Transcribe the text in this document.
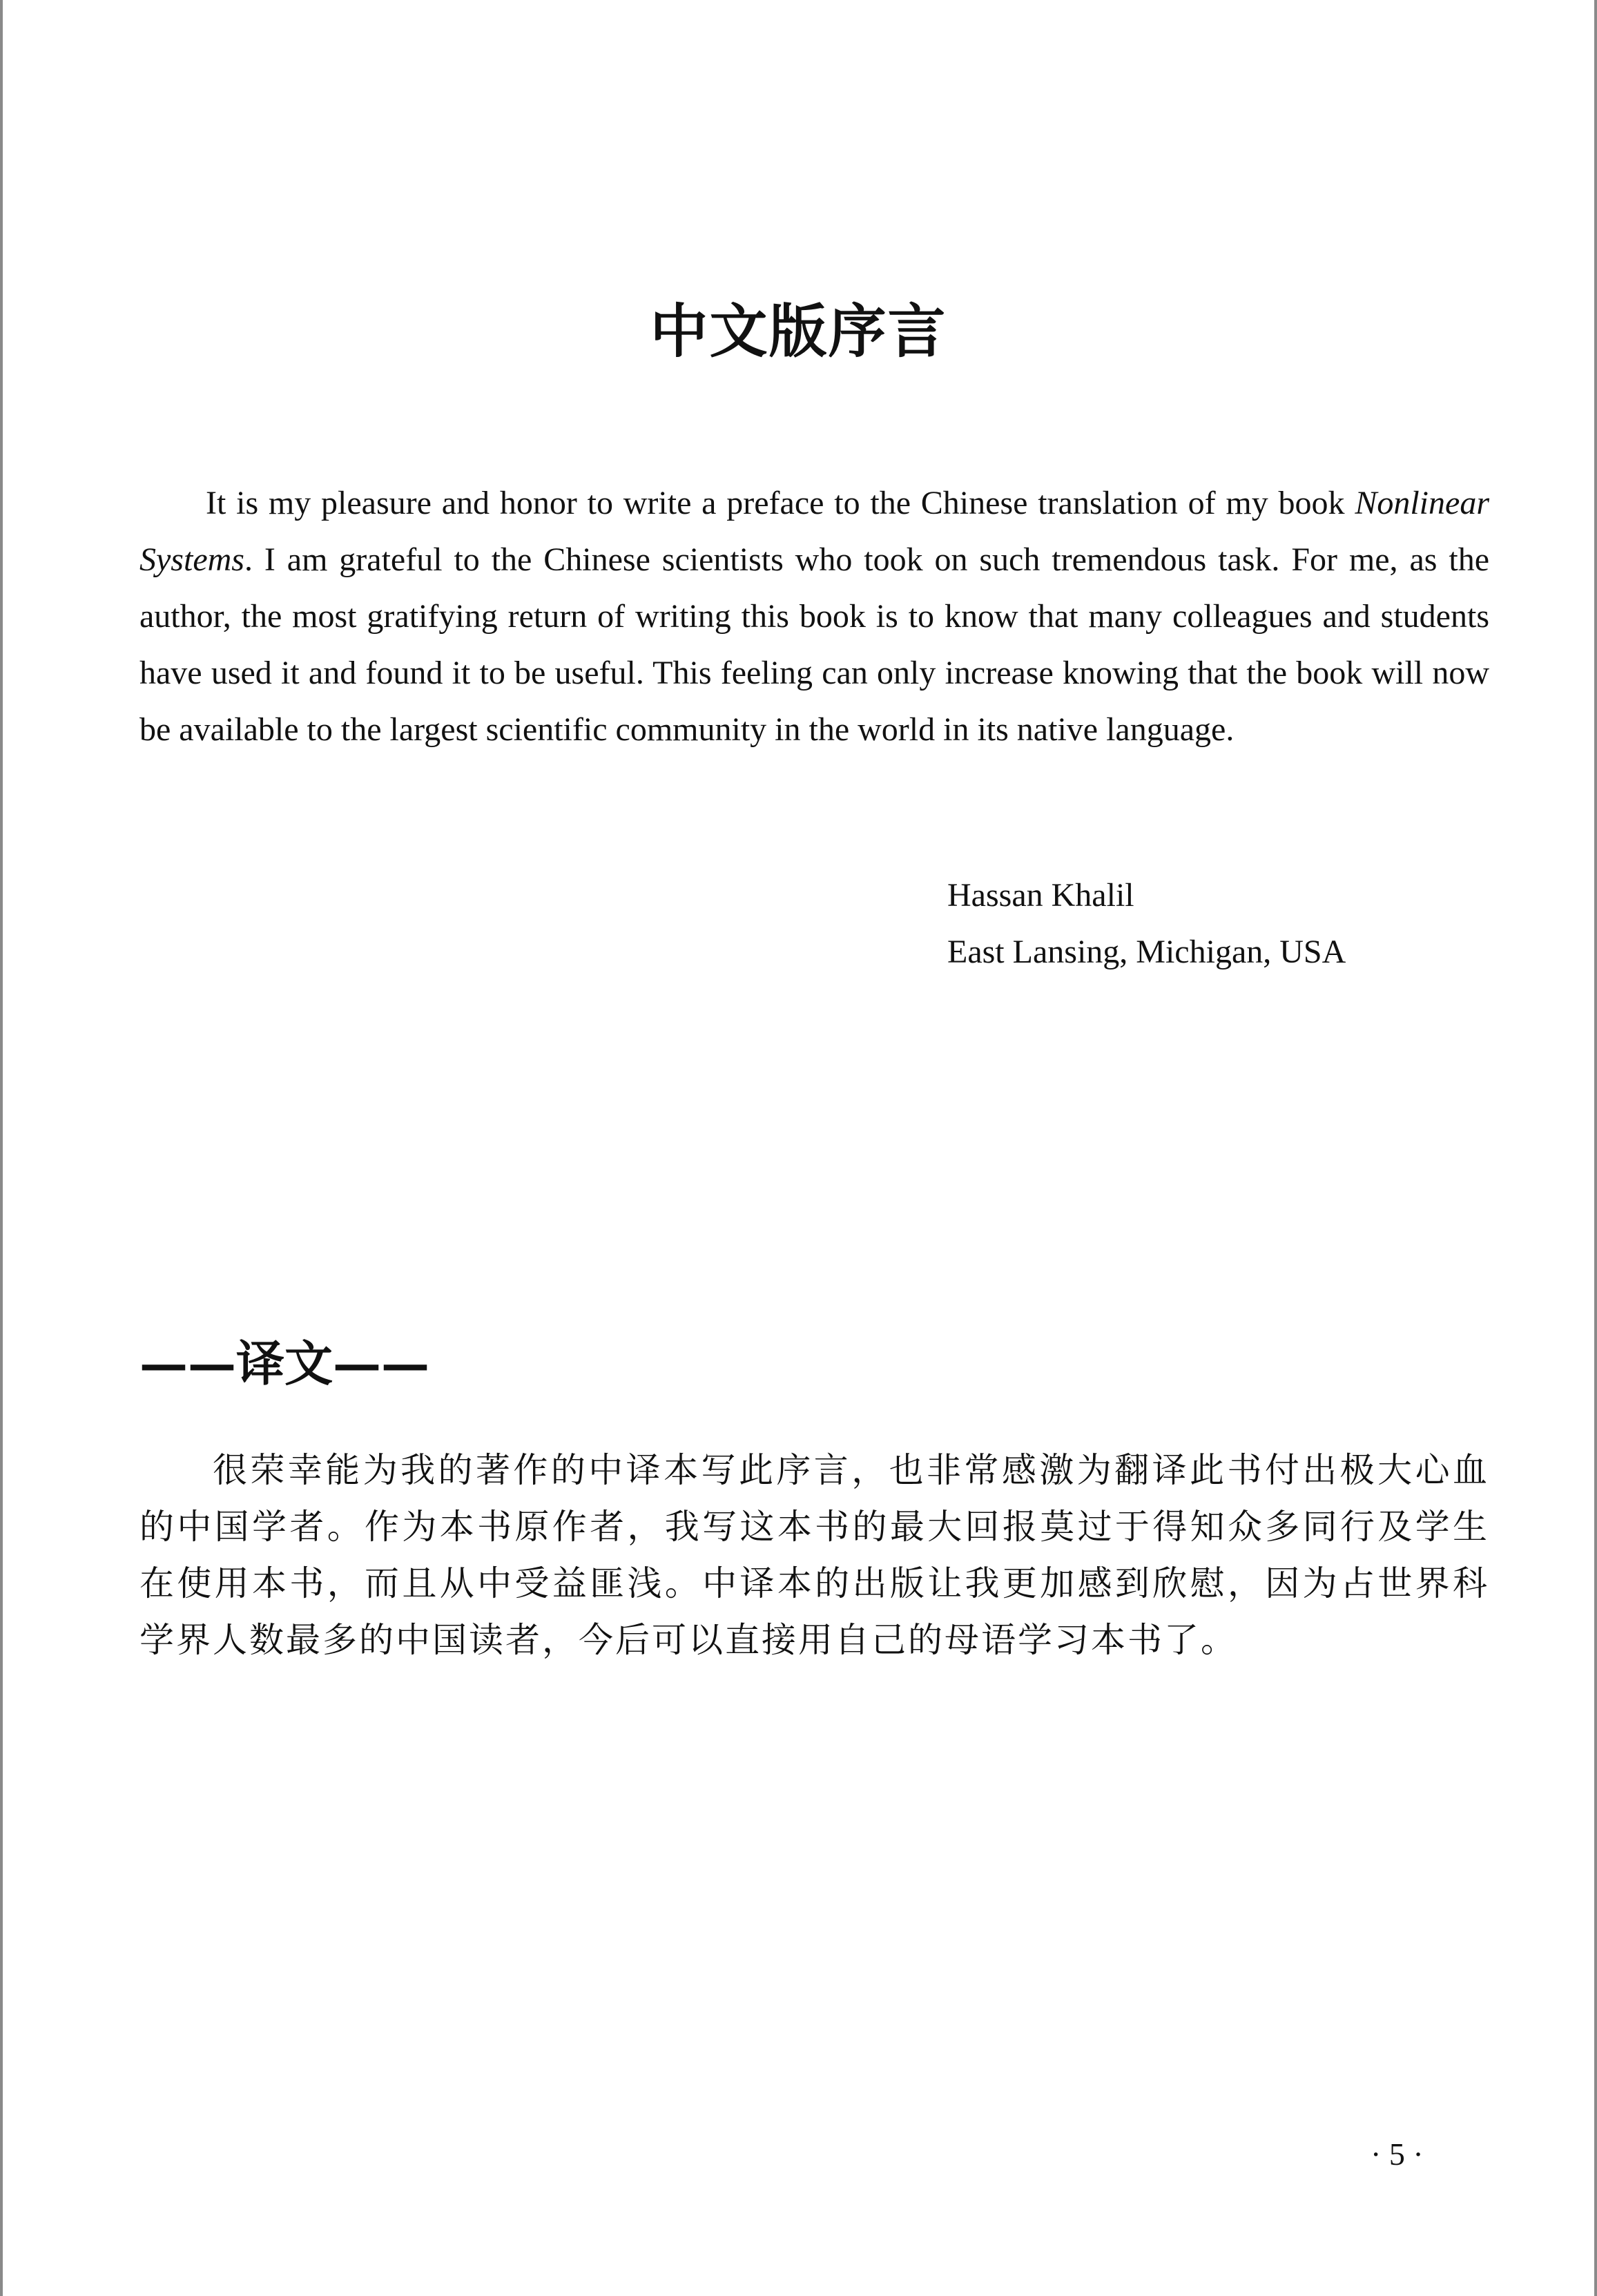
中文版序言

It is my pleasure and honor to write a preface to the Chinese translation of my book Nonlinear Systems. I am grateful to the Chinese scientists who took on such tremendous task. For me, as the author, the most gratifying return of writing this book is to know that many colleagues and students have used it and found it to be useful. This feeling can only increase knowing that the book will now be available to the largest scientific community in the world in its native language.

Hassan Khalil
East Lansing, Michigan, USA
——译文——

很荣幸能为我的著作的中译本写此序言，也非常感激为翻译此书付出极大心血的中国学者。作为本书原作者，我写这本书的最大回报莫过于得知众多同行及学生在使用本书，而且从中受益匪浅。中译本的出版让我更加感到欣慰，因为占世界科学界人数最多的中国读者，今后可以直接用自己的母语学习本书了。

· 5 ·
